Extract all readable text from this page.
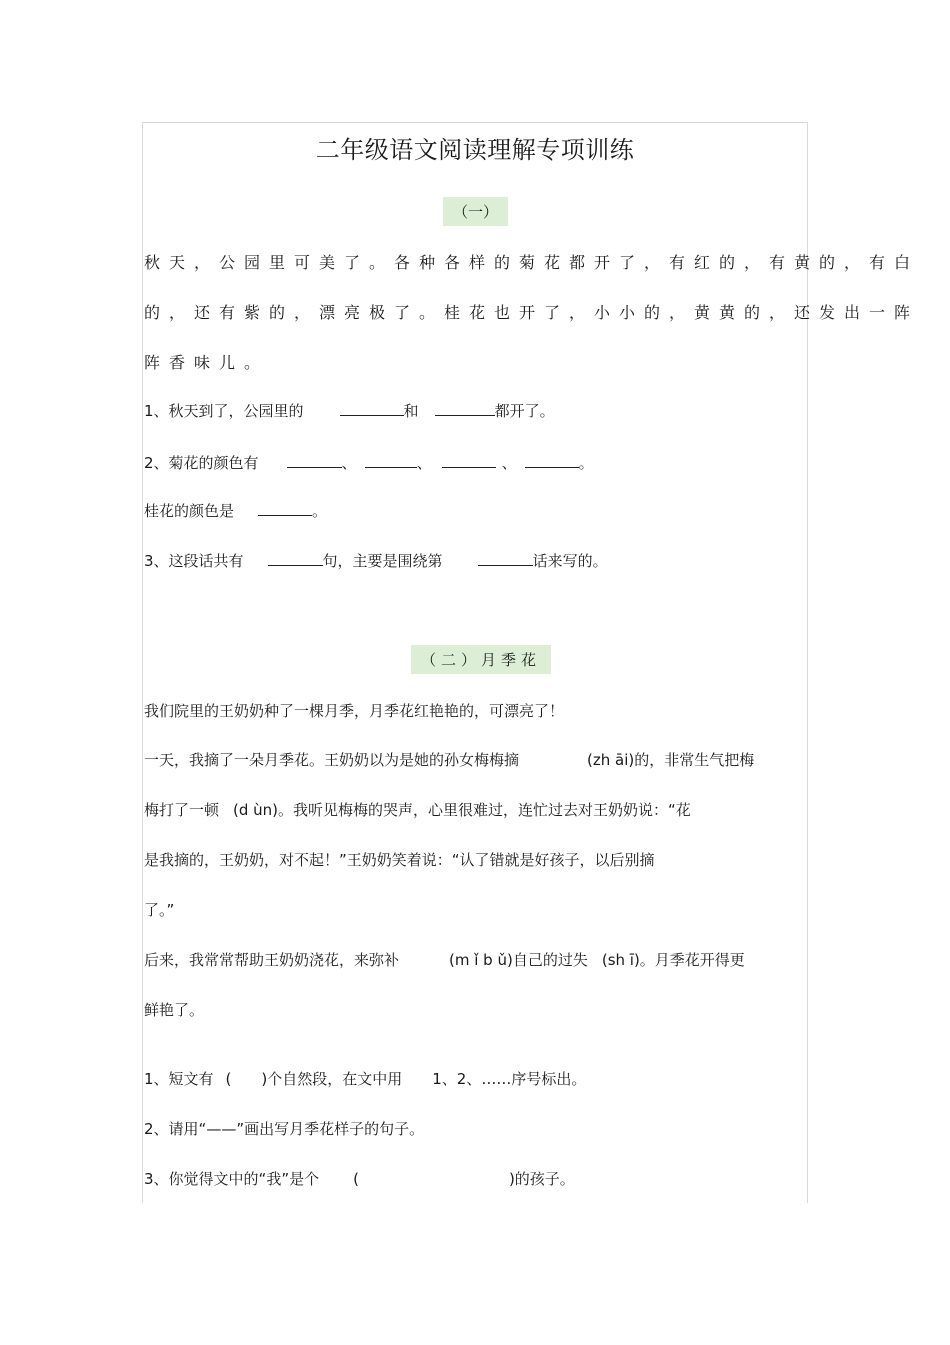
二年级语文阅读理解专项训练
（一）
秋天，公园里可美了。各种各样的菊花都开了，有红的，有黄的，有白
的，还有紫的，漂亮极了。桂花也开了，小小的，黄黄的，还发出一阵
阵香味儿。
1、秋天到了，公园里的	和	都开了。
2、菊花的颜色有	、	、	、	。
桂花的颜色是	。
3、这段话共有	句，主要是围绕第	话来写的。
（二）月季花
我们院里的王奶奶种了一棵月季，月季花红艳艳的，可漂亮了！
一天，我摘了一朵月季花。王奶奶以为是她的孙女梅梅摘	(zh āi)的，非常生气把梅
梅打了一顿 (d ùn)。我听见梅梅的哭声，心里很难过，连忙过去对王奶奶说：“花
是我摘的，王奶奶，对不起！”王奶奶笑着说：“认了错就是好孩子，以后别摘
了。”
后来，我常常帮助王奶奶浇花，来弥补	(m ǐ b ǔ)自己的过失 (sh ī)。月季花开得更
鲜艳了。
1、短文有 ( )个自然段，在文中用 1、2、……序号标出。
2、请用“——”画出写月季花样子的句子。
3、你觉得文中的“我”是个 (	)的孩子。
